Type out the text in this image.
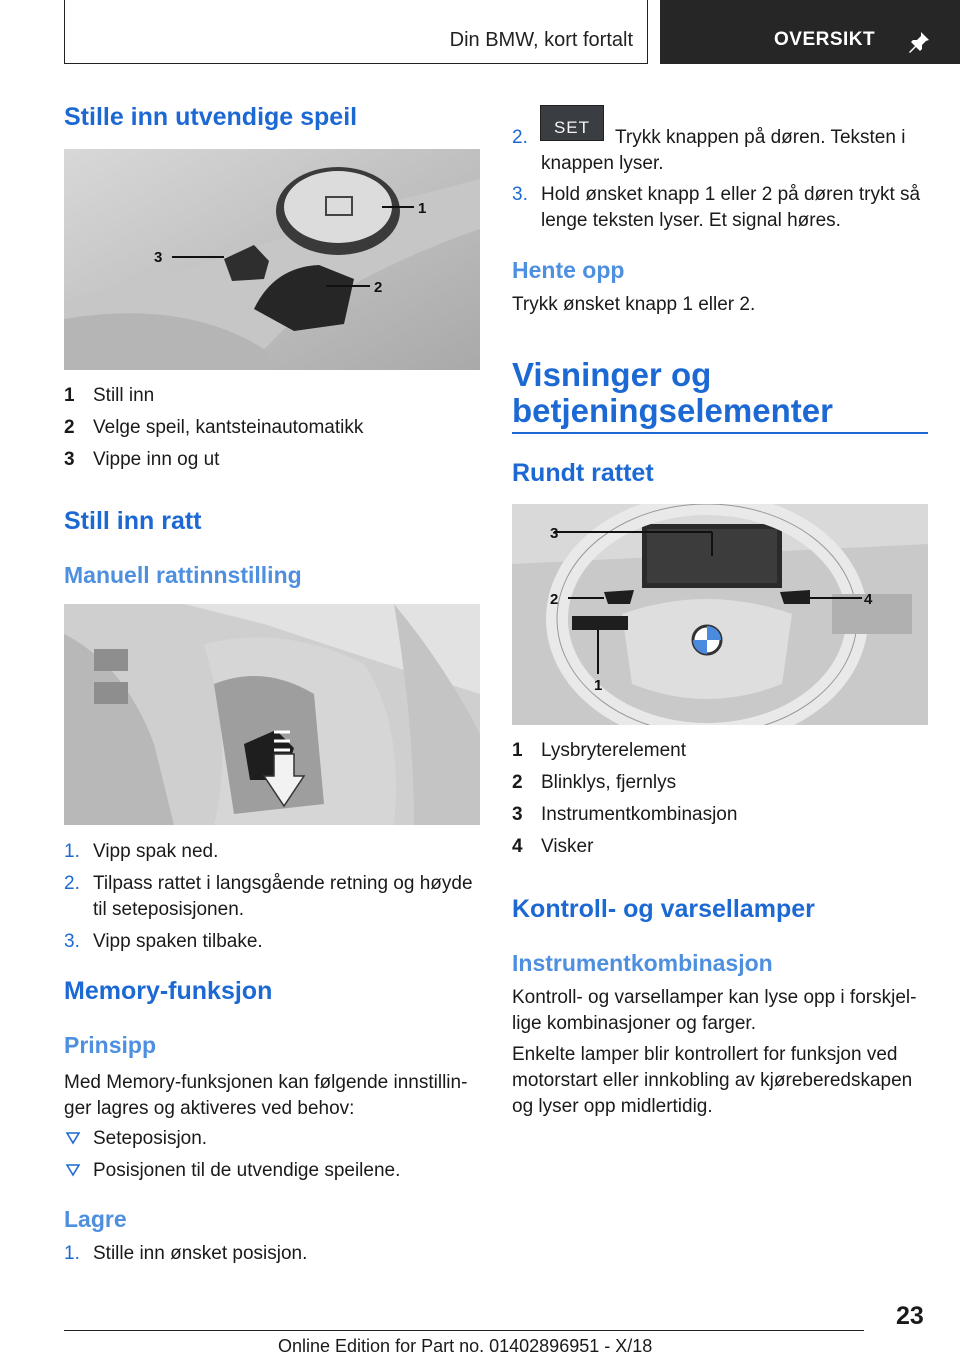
Din BMW, kort fortalt	OVERSIKT
Stille inn utvendige speil
1
2
3
1 Still inn
2 Velge speil, kantsteinautomatikk
3 Vippe inn og ut
Still inn ratt
Manuell rattinnstilling
1. Vipp spak ned.
2. Tilpass rattet i langsgående retning og høyde til seteposisjonen.
3. Vipp spaken tilbake.
Memory-funksjon
Prinsipp
Med Memory-funksjonen kan følgende innstillin-ger lagres og aktiveres ved behov:
Seteposisjon.
Posisjonen til de utvendige speilene.
Lagre
1. Stille inn ønsket posisjon.
2.	SET	Trykk knappen på døren. Teksten i knappen lyser.
3. Hold ønsket knapp 1 eller 2 på døren trykt så lenge teksten lyser. Et signal høres.
Hente opp
Trykk ønsket knapp 1 eller 2.
Visninger og
betjeningselementer
Rundt rattet
3
2	4
1
1 Lysbryterelement
2 Blinklys, fjernlys
3 Instrumentkombinasjon
4 Visker
Kontroll- og varsellamper
Instrumentkombinasjon
Kontroll- og varsellamper kan lyse opp i forskjel-lige kombinasjoner og farger.
Enkelte lamper blir kontrollert for funksjon ved motorstart eller innkobling av kjøreberedskapen og lyser opp midlertidig.
23
Online Edition for Part no. 01402896951 - X/18
